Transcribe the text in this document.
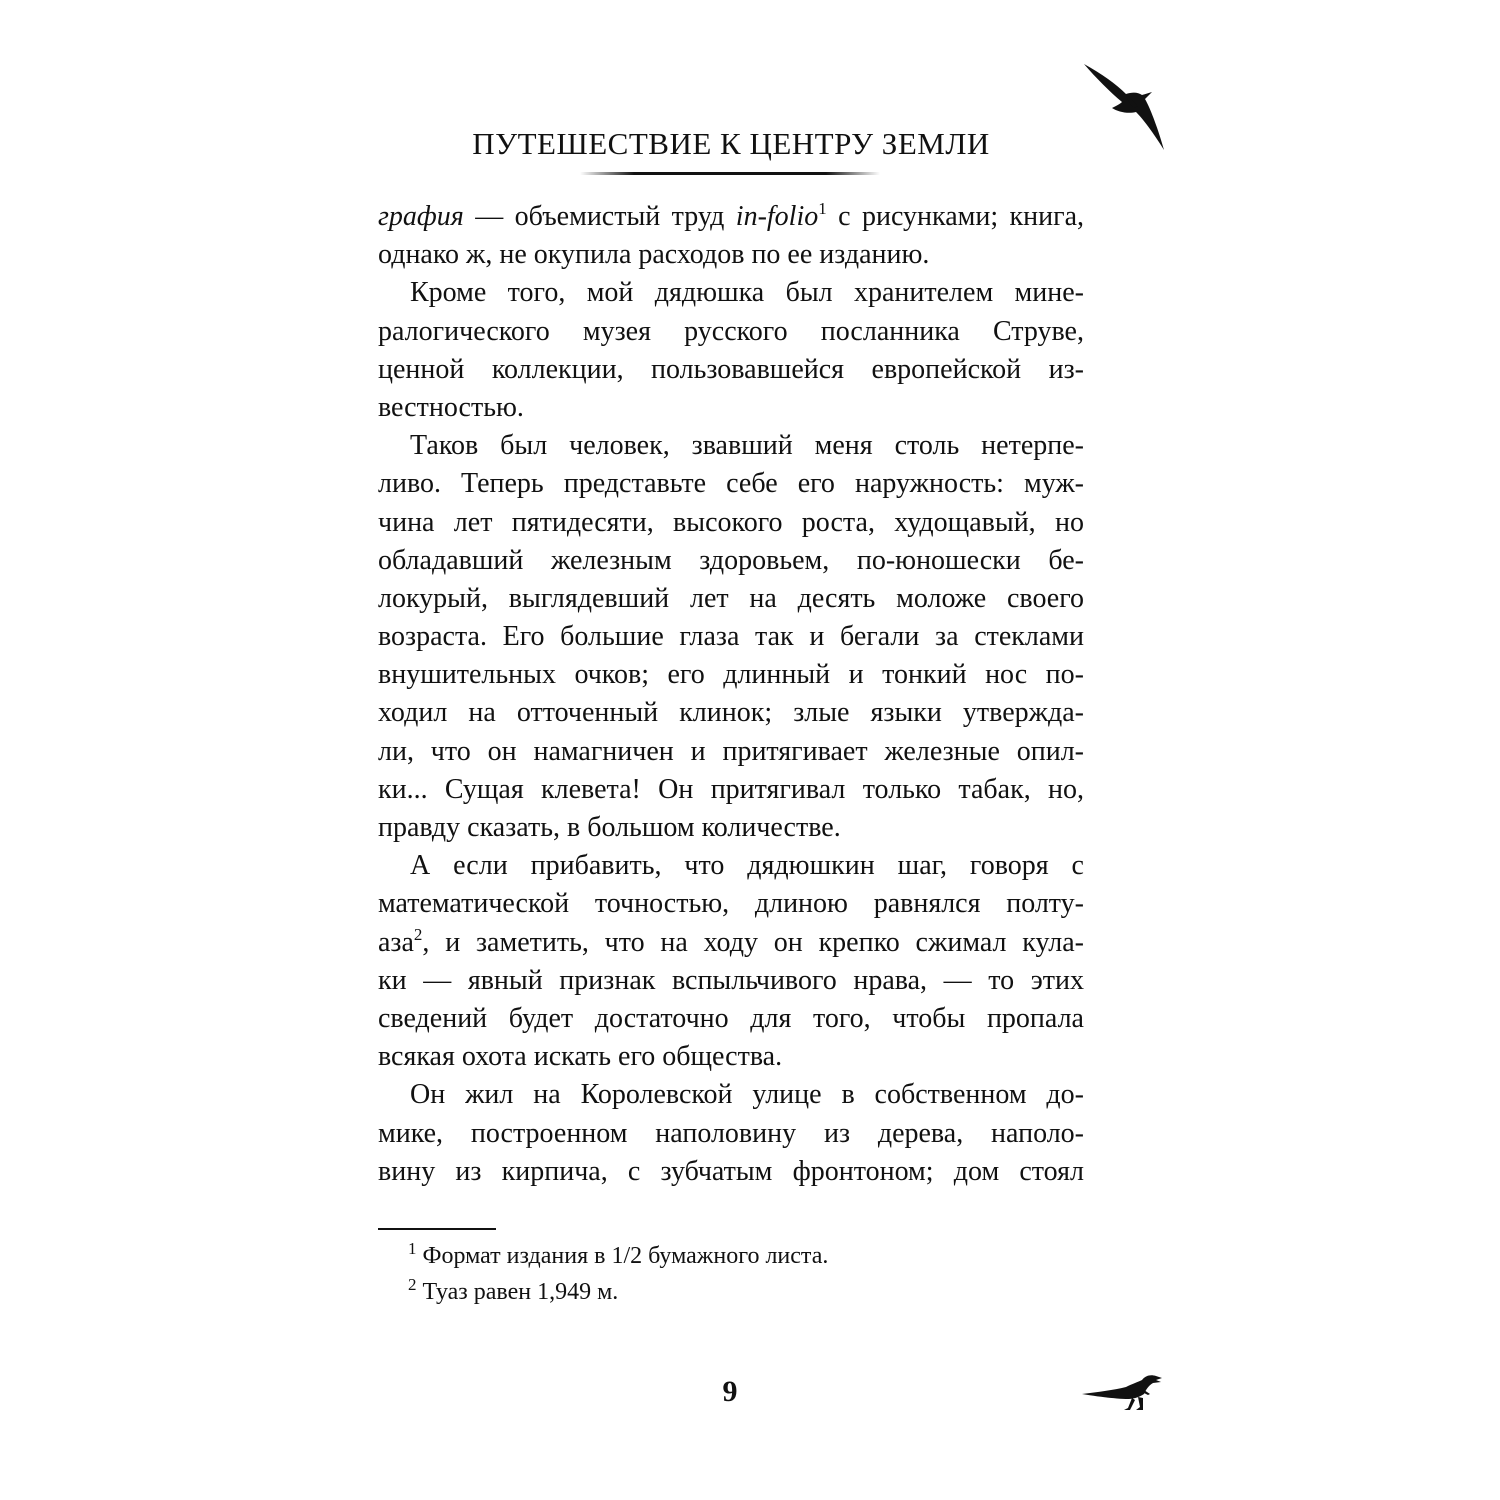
ПУТЕШЕСТВИЕ К ЦЕНТРУ ЗЕМЛИ
графия — объемистый труд in-folio$^1$ с рисунками; книга,
однако ж, не окупила расходов по ее изданию.
Кроме того, мой дядюшка был хранителем мине-
ралогического музея русского посланника Струве,
ценной коллекции, пользовавшейся европейской из-
вестностью.
Таков был человек, звавший меня столь нетерпе-
ливо. Теперь представьте себе его наружность: муж-
чина лет пятидесяти, высокого роста, худощавый, но
обладавший железным здоровьем, по-юношески бе-
локурый, выглядевший лет на десять моложе своего
возраста. Его большие глаза так и бегали за стеклами
внушительных очков; его длинный и тонкий нос по-
ходил на отточенный клинок; злые языки утвержда-
ли, что он намагничен и притягивает железные опил-
ки... Сущая клевета! Он притягивал только табак, но,
правду сказать, в большом количестве.
А если прибавить, что дядюшкин шаг, говоря с
математической точностью, длиною равнялся полту-
аза$^2$, и заметить, что на ходу он крепко сжимал кула-
ки — явный признак вспыльчивого нрава, — то этих
сведений будет достаточно для того, чтобы пропала
всякая охота искать его общества.
Он жил на Королевской улице в собственном до-
мике, построенном наполовину из дерева, наполо-
вину из кирпича, с зубчатым фронтоном; дом стоял
$^1$ Формат издания в 1/2 бумажного листа.
$^2$ Туаз равен 1,949 м.
9
